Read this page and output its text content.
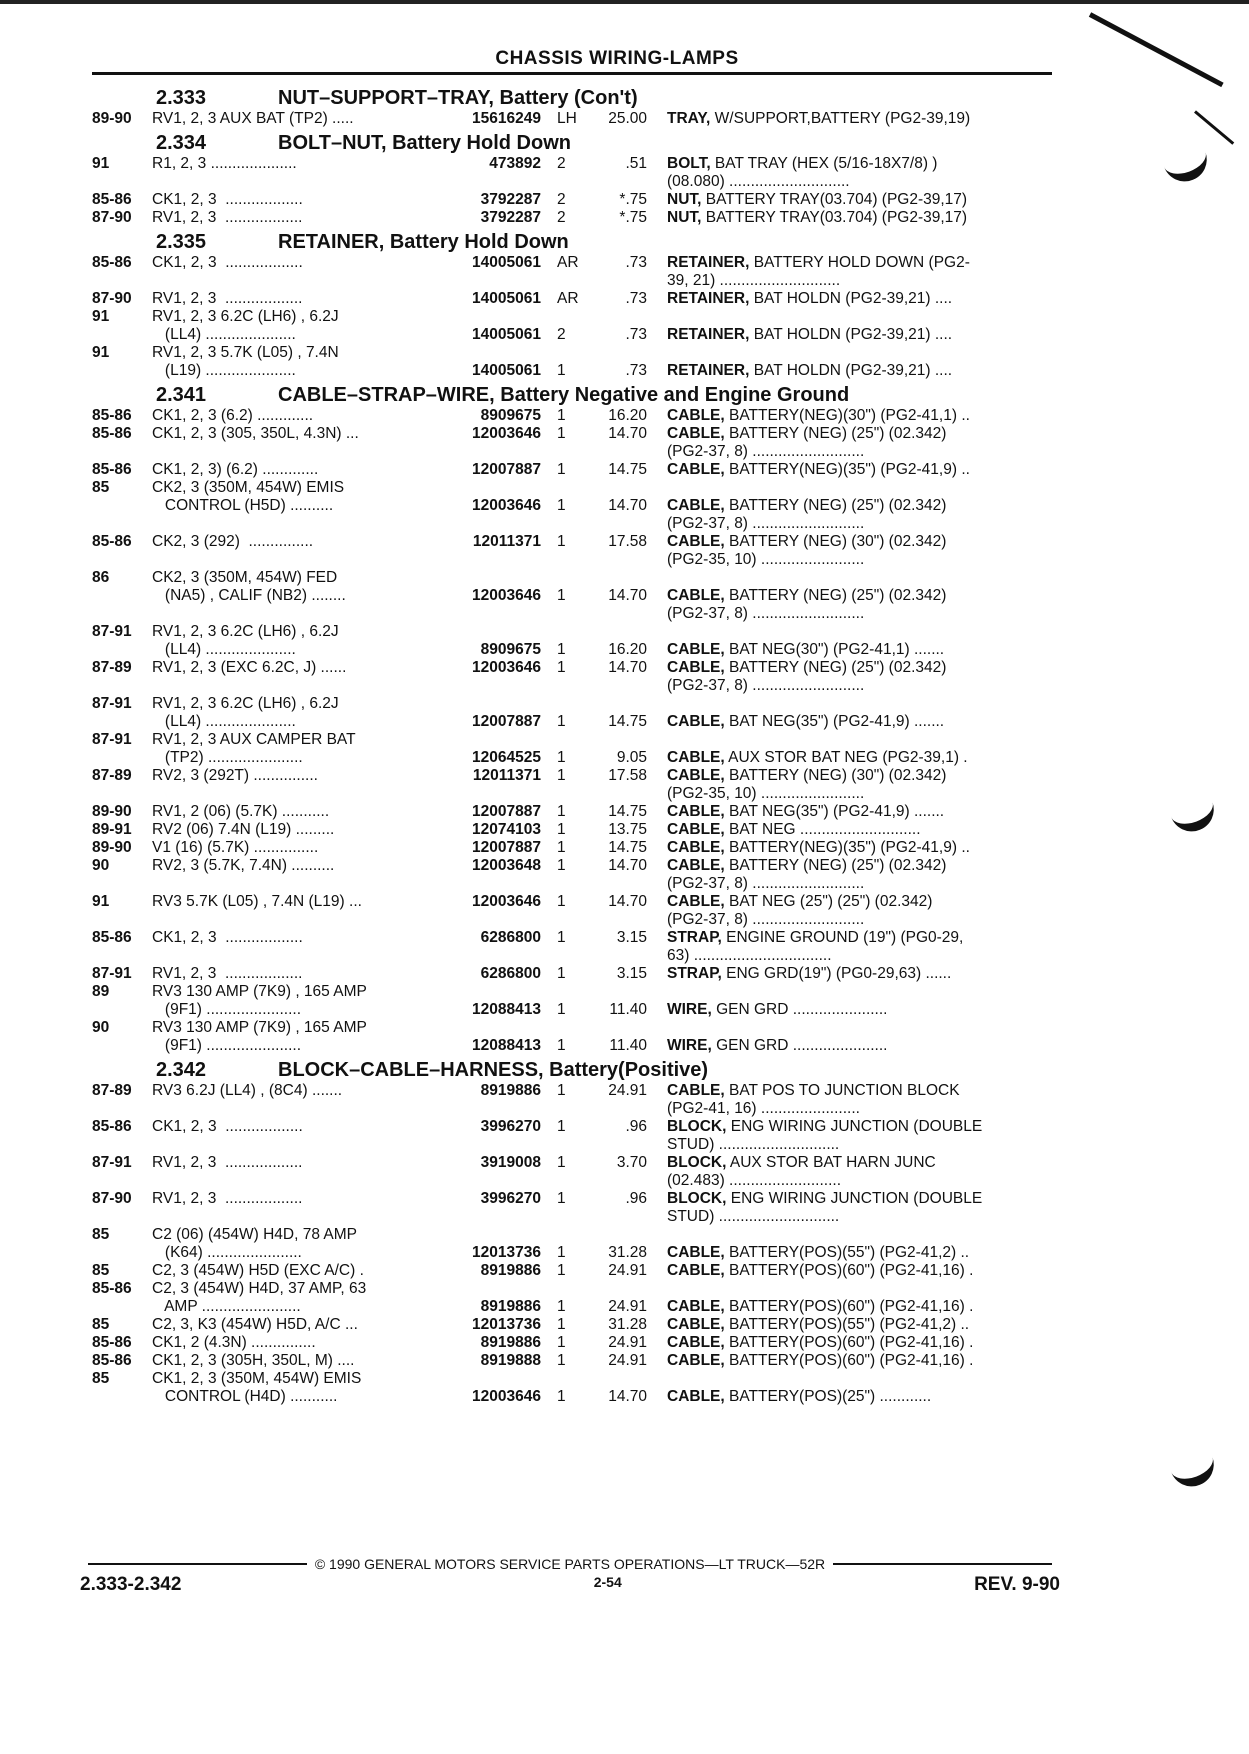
CHASSIS WIRING-LAMPS
2.333	NUT–SUPPORT–TRAY, Battery (Con't)
89-90	RV1, 2, 3 AUX BAT (TP2) .....	15616249	LH	25.00 TRAY, W/SUPPORT,BATTERY (PG2-39,19)
2.334	BOLT–NUT, Battery Hold Down
91	R1, 2, 3 ....................	473892	2	.51 BOLT, BAT TRAY (HEX (5/16-18X7/8) )
(08.080) ............................
85-86	CK1, 2, 3  ..................	3792287	2	*.75 NUT, BATTERY TRAY(03.704) (PG2-39,17)
87-90	RV1, 2, 3  ..................	3792287	2	*.75 NUT, BATTERY TRAY(03.704) (PG2-39,17)
2.335	RETAINER, Battery Hold Down
85-86	CK1, 2, 3  ..................	14005061	AR	.73 RETAINER, BATTERY HOLD DOWN (PG2-
39, 21) ............................
87-90	RV1, 2, 3  ..................	14005061	AR	.73 RETAINER, BAT HOLDN (PG2-39,21) ....
91	RV1, 2, 3 6.2C (LH6) , 6.2J
(LL4) .....................	14005061	2	.73 RETAINER, BAT HOLDN (PG2-39,21) ....
91	RV1, 2, 3 5.7K (L05) , 7.4N
(L19) .....................	14005061	1	.73 RETAINER, BAT HOLDN (PG2-39,21) ....
2.341	CABLE–STRAP–WIRE, Battery Negative and Engine Ground
85-86	CK1, 2, 3 (6.2) .............	8909675	1	16.20 CABLE, BATTERY(NEG)(30") (PG2-41,1) ..
85-86	CK1, 2, 3 (305, 350L, 4.3N) ...	12003646	1	14.70 CABLE, BATTERY (NEG) (25") (02.342)
(PG2-37, 8) ..........................
85-86	CK1, 2, 3) (6.2) .............	12007887	1	14.75 CABLE, BATTERY(NEG)(35") (PG2-41,9) ..
85	CK2, 3 (350M, 454W) EMIS
CONTROL (H5D) ..........	12003646	1	14.70 CABLE, BATTERY (NEG) (25") (02.342)
(PG2-37, 8) ..........................
85-86	CK2, 3 (292)  ...............	12011371	1	17.58 CABLE, BATTERY (NEG) (30") (02.342)
(PG2-35, 10) ........................
86	CK2, 3 (350M, 454W) FED
(NA5) , CALIF (NB2) ........	12003646	1	14.70 CABLE, BATTERY (NEG) (25") (02.342)
(PG2-37, 8) ..........................
87-91	RV1, 2, 3 6.2C (LH6) , 6.2J
(LL4) .....................	8909675	1	16.20 CABLE, BAT NEG(30") (PG2-41,1) .......
87-89	RV1, 2, 3 (EXC 6.2C, J) ......	12003646	1	14.70 CABLE, BATTERY (NEG) (25") (02.342)
(PG2-37, 8) ..........................
87-91	RV1, 2, 3 6.2C (LH6) , 6.2J
(LL4) .....................	12007887	1	14.75 CABLE, BAT NEG(35") (PG2-41,9) .......
87-91	RV1, 2, 3 AUX CAMPER BAT
(TP2) ......................	12064525	1	9.05 CABLE, AUX STOR BAT NEG (PG2-39,1) .
87-89	RV2, 3 (292T) ...............	12011371	1	17.58 CABLE, BATTERY (NEG) (30") (02.342)
(PG2-35, 10) ........................
89-90	RV1, 2 (06) (5.7K) ...........	12007887	1	14.75 CABLE, BAT NEG(35") (PG2-41,9) .......
89-91	RV2 (06) 7.4N (L19) .........	12074103	1	13.75 CABLE, BAT NEG ............................
89-90	V1 (16) (5.7K) ...............	12007887	1	14.75 CABLE, BATTERY(NEG)(35") (PG2-41,9) ..
90	RV2, 3 (5.7K, 7.4N) ..........	12003648	1	14.70 CABLE, BATTERY (NEG) (25") (02.342)
(PG2-37, 8) ..........................
91	RV3 5.7K (L05) , 7.4N (L19) ...	12003646	1	14.70 CABLE, BAT NEG (25") (25") (02.342)
(PG2-37, 8) ..........................
85-86	CK1, 2, 3  ..................	6286800	1	3.15 STRAP, ENGINE GROUND (19") (PG0-29,
63) ................................
87-91	RV1, 2, 3  ..................	6286800	1	3.15 STRAP, ENG GRD(19") (PG0-29,63) ......
89	RV3 130 AMP (7K9) , 165 AMP
(9F1) ......................	12088413	1	11.40 WIRE, GEN GRD ......................
90	RV3 130 AMP (7K9) , 165 AMP
(9F1) ......................	12088413	1	11.40 WIRE, GEN GRD ......................
2.342	BLOCK–CABLE–HARNESS, Battery(Positive)
87-89	RV3 6.2J (LL4) , (8C4) .......	8919886	1	24.91 CABLE, BAT POS TO JUNCTION BLOCK
(PG2-41, 16) .......................
85-86	CK1, 2, 3  ..................	3996270	1	.96 BLOCK, ENG WIRING JUNCTION (DOUBLE
STUD) ............................
87-91	RV1, 2, 3  ..................	3919008	1	3.70 BLOCK, AUX STOR BAT HARN JUNC
(02.483) ..........................
87-90	RV1, 2, 3  ..................	3996270	1	.96 BLOCK, ENG WIRING JUNCTION (DOUBLE
STUD) ............................
85	C2 (06) (454W) H4D, 78 AMP
(K64) ......................	12013736	1	31.28 CABLE, BATTERY(POS)(55") (PG2-41,2) ..
85	C2, 3 (454W) H5D (EXC A/C) .	8919886	1	24.91 CABLE, BATTERY(POS)(60") (PG2-41,16) .
85-86	C2, 3 (454W) H4D, 37 AMP, 63
AMP .......................	8919886	1	24.91 CABLE, BATTERY(POS)(60") (PG2-41,16) .
85	C2, 3, K3 (454W) H5D, A/C ...	12013736	1	31.28 CABLE, BATTERY(POS)(55") (PG2-41,2) ..
85-86	CK1, 2 (4.3N) ...............	8919886	1	24.91 CABLE, BATTERY(POS)(60") (PG2-41,16) .
85-86	CK1, 2, 3 (305H, 350L, M) ....	8919888	1	24.91 CABLE, BATTERY(POS)(60") (PG2-41,16) .
85	CK1, 2, 3 (350M, 454W) EMIS
CONTROL (H4D) ...........	12003646	1	14.70 CABLE, BATTERY(POS)(25") ............
© 1990 GENERAL MOTORS SERVICE PARTS OPERATIONS—LT TRUCK—52R
2.333-2.342	2-54	REV. 9-90
